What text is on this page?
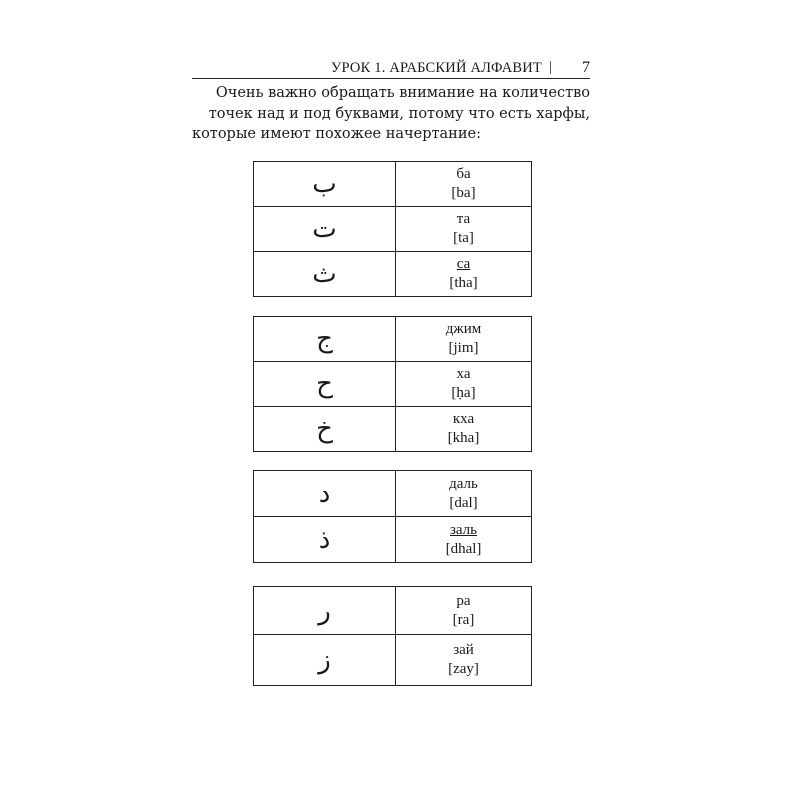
УРОК 1. АРАБСКИЙ АЛФАВИТ | 7
Очень важно обращать внимание на количество
точек над и под буквами, потому что есть харфы,
которые имеют похожее начертание:
ب	ба
[ba]

ت	та
[ta]

ث	са
[tha]
ج	джим
[jim]

ح	ха
[ḥa]

خ	кха
[kha]
د	даль
[dal]

ذ	заль
[dhal]
ر	ра
[ra]

ز	зай
[zay]
